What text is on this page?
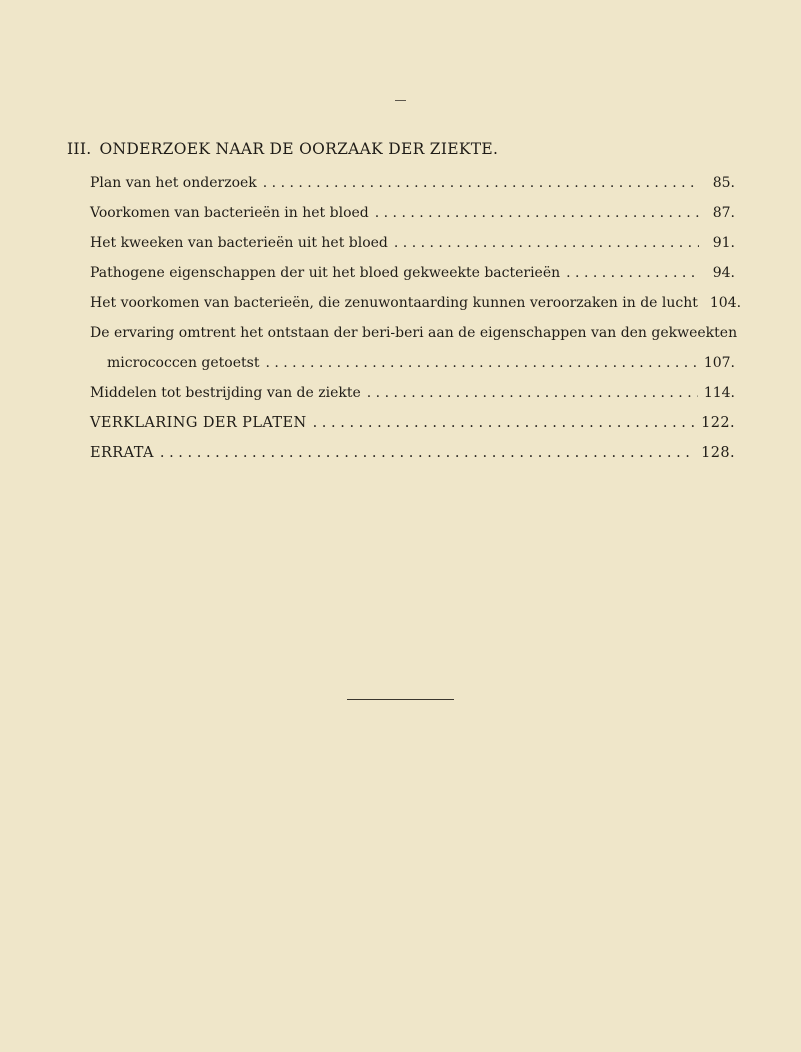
III. ONDERZOEK NAAR DE OORZAAK DER ZIEKTE.
Plan van het onderzoek . . .	85.
Voorkomen van bacterieën in het bloed . . .	87.
Het kweeken van bacterieën uit het bloed . . .	91.
Pathogene eigenschappen der uit het bloed gekweekte bacterieën . . .	94.
Het voorkomen van bacterieën, die zenuwontaarding kunnen veroorzaken in de lucht 104.
De ervaring omtrent het ontstaan der beri-beri aan de eigenschappen van den gekweekten
micrococcen getoetst . . .	107.
Middelen tot bestrijding van de ziekte . . .	114.
VERKLARING DER PLATEN . . .	122.
ERRATA . . .	128.
